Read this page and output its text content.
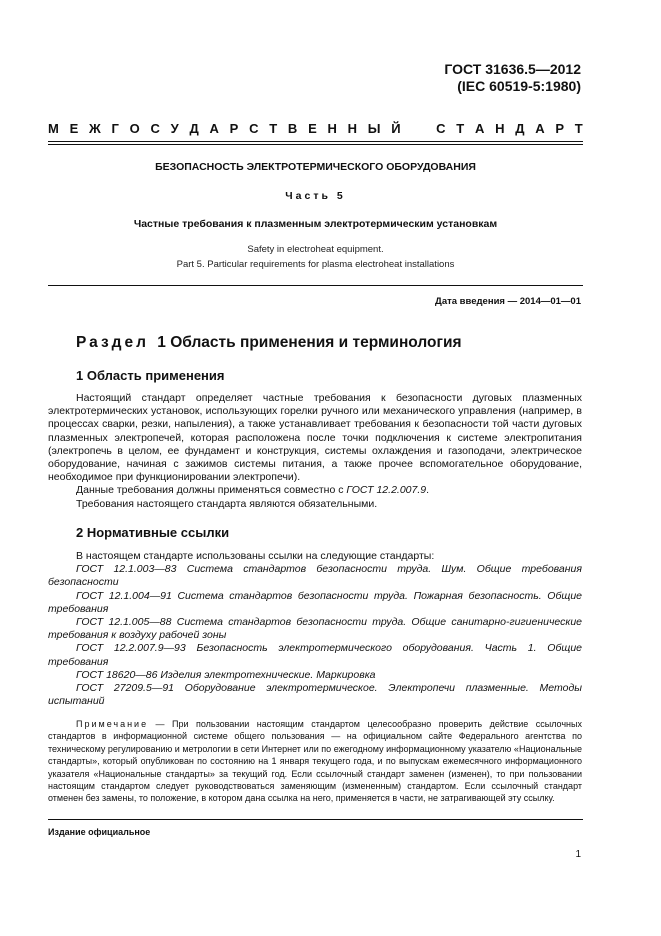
ГОСТ 31636.5—2012
(IEC 60519-5:1980)
М Е Ж Г О С У Д А Р С Т В Е Н Н Ы Й	С Т А Н Д А Р Т
БЕЗОПАСНОСТЬ ЭЛЕКТРОТЕРМИЧЕСКОГО ОБОРУДОВАНИЯ
Часть 5
Частные требования к плазменным электротермическим установкам
Safety in electroheat equipment.
Part 5. Particular requirements for plasma electroheat installations
Дата введения — 2014—01—01
Раздел 1 Область применения и терминология
1 Область применения

Настоящий стандарт определяет частные требования к безопасности дуговых плазменных электротермических установок, использующих горелки ручного или механического управления (например, в процессах сварки, резки, напыления), а также устанавливает требования к безопасности той части дуговых плазменных электропечей, которая расположена после точки подключения к системе электропитания (электропечь в целом, ее фундамент и конструкция, системы охлаждения и газоподачи, электрическое оборудование, начиная с зажимов системы питания, а также прочее вспомогательное оборудование, необходимое при функционировании электропечи).

Данные требования должны применяться совместно с ГОСТ 12.2.007.9.

Требования настоящего стандарта являются обязательными.

2 Нормативные ссылки

В настоящем стандарте использованы ссылки на следующие стандарты:

ГОСТ 12.1.003—83 Система стандартов безопасности труда. Шум. Общие требования безопасности

ГОСТ 12.1.004—91 Система стандартов безопасности труда. Пожарная безопасность. Общие требования

ГОСТ 12.1.005—88 Система стандартов безопасности труда. Общие санитарно-гигиенические требования к воздуху рабочей зоны

ГОСТ 12.2.007.9—93 Безопасность электротермического оборудования. Часть 1. Общие требования

ГОСТ 18620—86 Изделия электротехнические. Маркировка

ГОСТ 27209.5—91 Оборудование электротермическое. Электропечи плазменные. Методы испытаний

Примечание — При пользовании настоящим стандартом целесообразно проверить действие ссылочных стандартов в информационной системе общего пользования — на официальном сайте Федерального агентства по техническому регулированию и метрологии в сети Интернет или по ежегодному информационному указателю «Национальные стандарты», который опубликован по состоянию на 1 января текущего года, и по выпускам ежемесячного информационного указателя «Национальные стандарты» за текущий год. Если ссылочный стандарт заменен (изменен), то при пользовании настоящим стандартом следует руководствоваться заменяющим (измененным) стандартом. Если ссылочный стандарт отменен без замены, то положение, в котором дана ссылка на него, применяется в части, не затрагивающей эту ссылку.

Издание официальное
1
